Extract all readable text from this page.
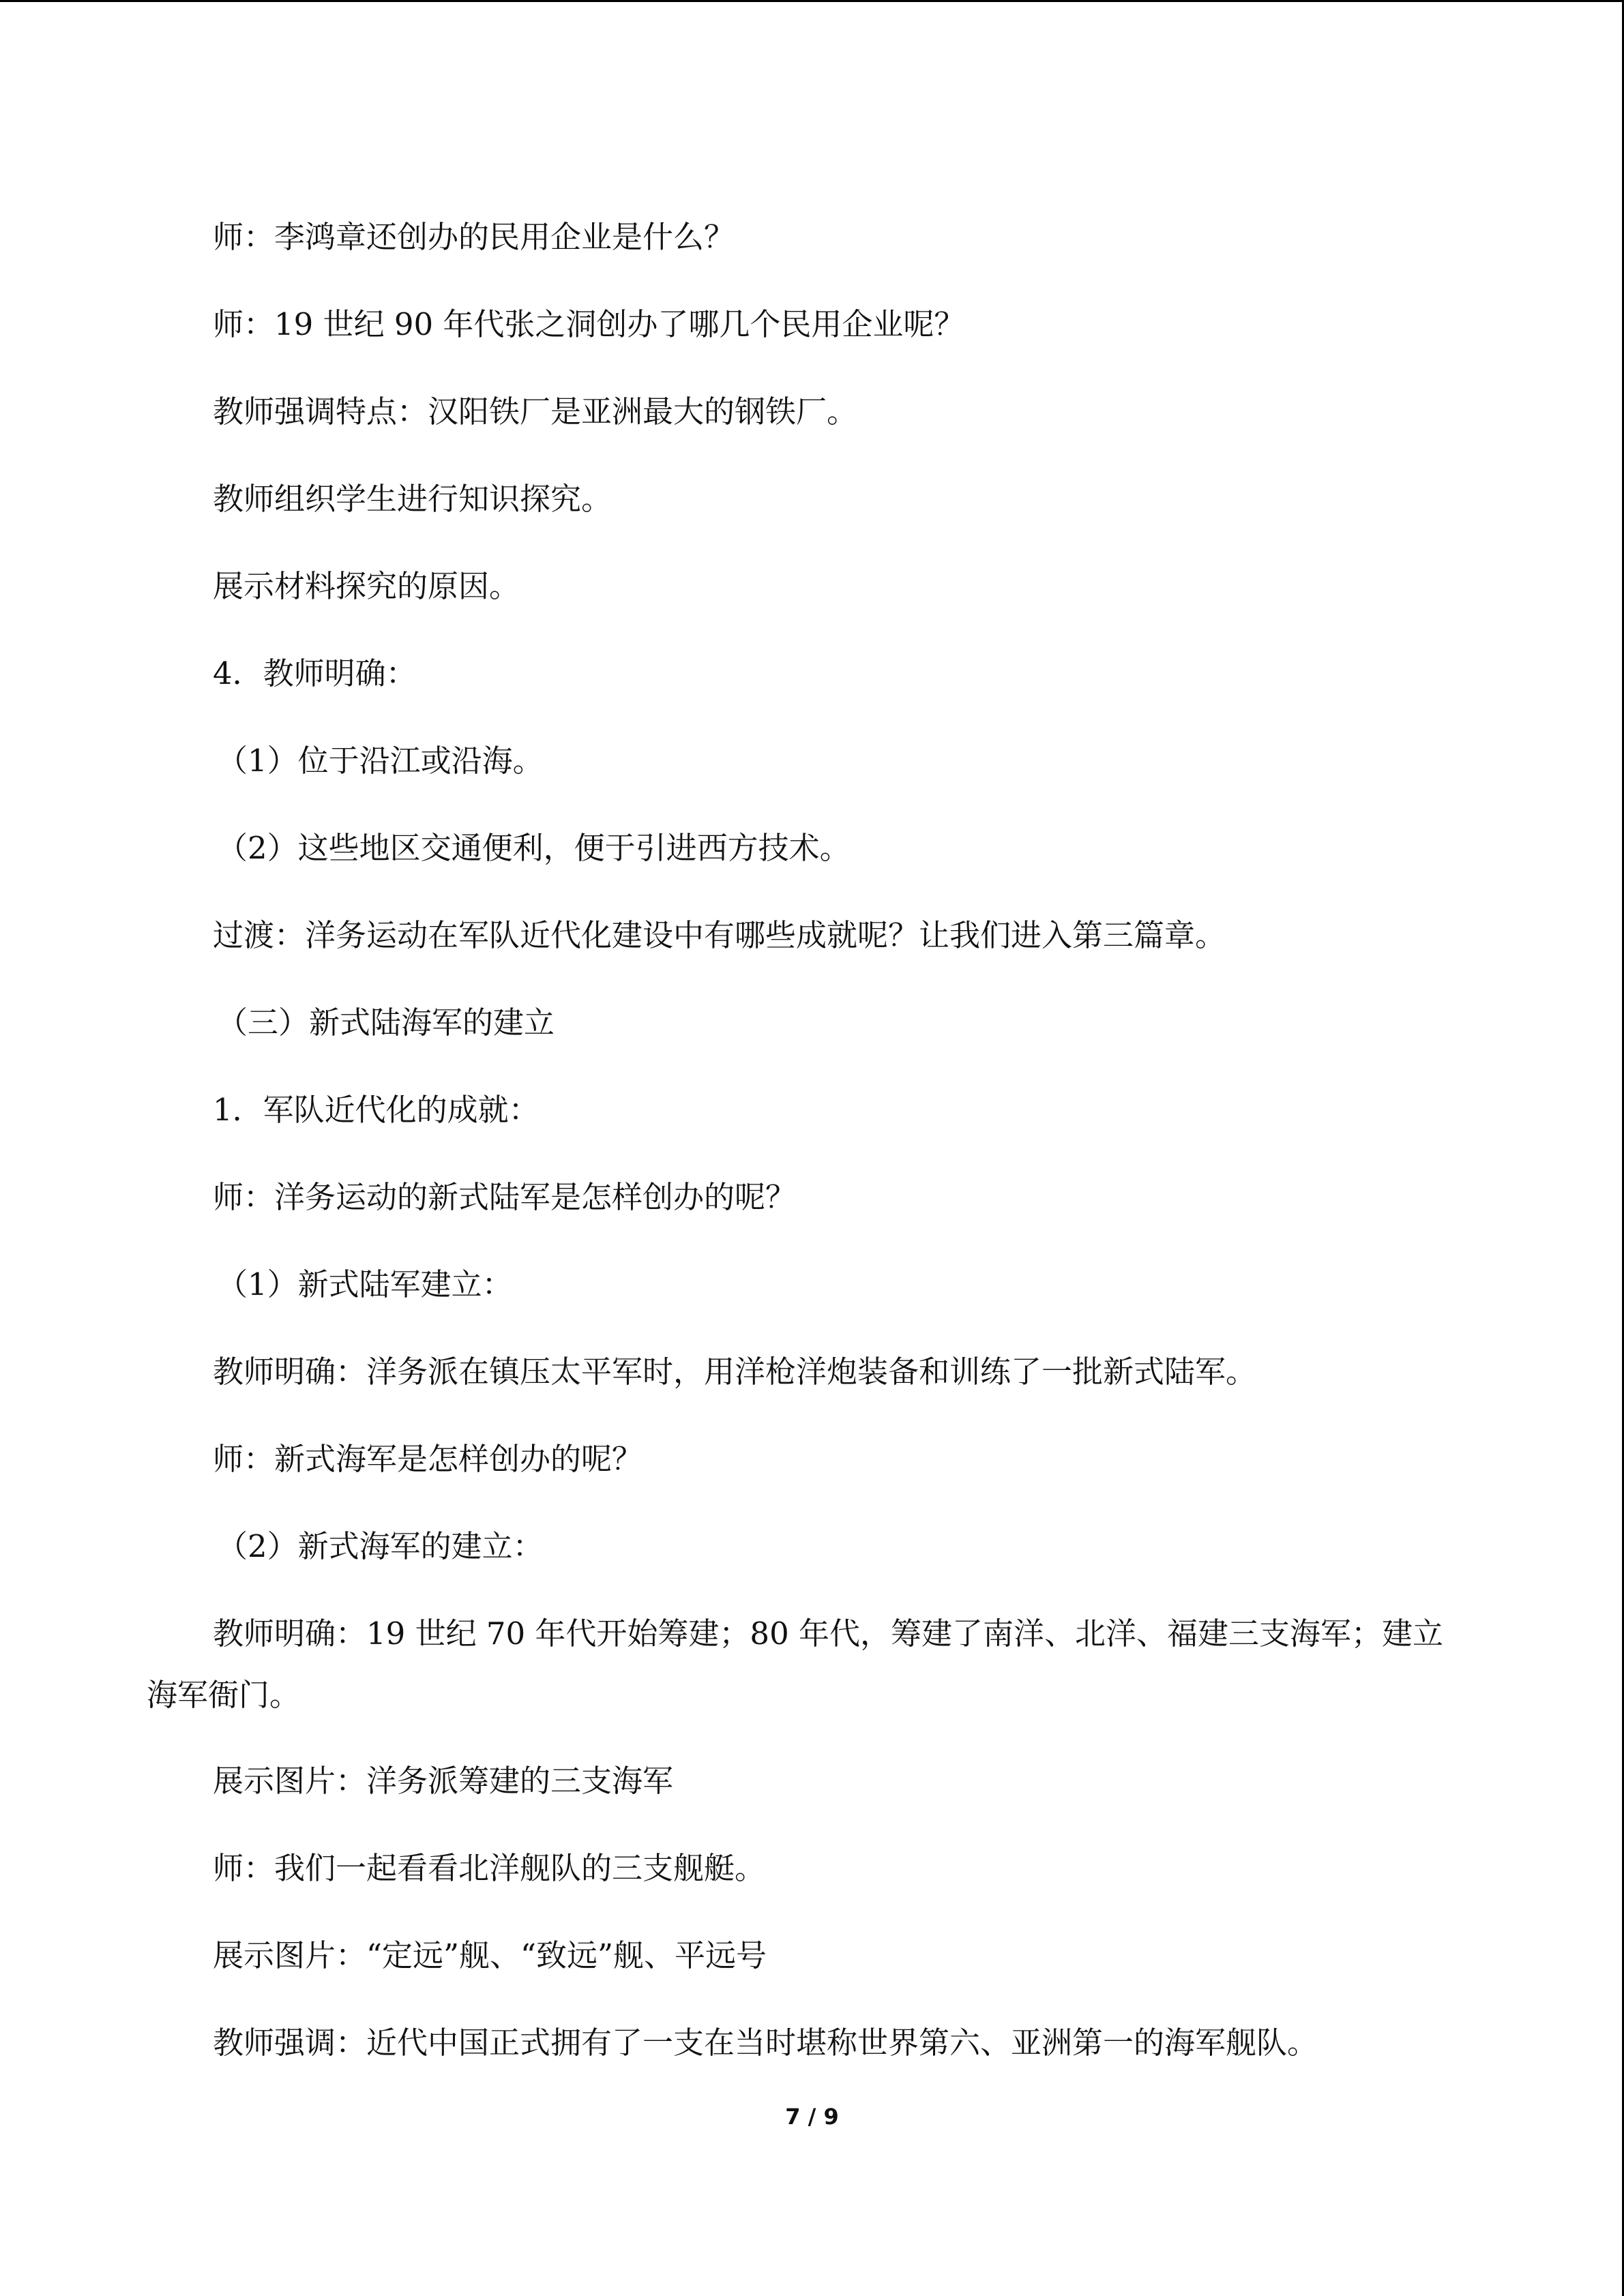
师：李鸿章还创办的民用企业是什么？

师：19 世纪 90 年代张之洞创办了哪几个民用企业呢？

教师强调特点：汉阳铁厂是亚洲最大的钢铁厂。

教师组织学生进行知识探究。

展示材料探究的原因。

4．教师明确：

（1）位于沿江或沿海。

（2）这些地区交通便利，便于引进西方技术。

过渡：洋务运动在军队近代化建设中有哪些成就呢？让我们进入第三篇章。

（三）新式陆海军的建立

1．军队近代化的成就：

师：洋务运动的新式陆军是怎样创办的呢？

（1）新式陆军建立：

教师明确：洋务派在镇压太平军时，用洋枪洋炮装备和训练了一批新式陆军。

师：新式海军是怎样创办的呢？

（2）新式海军的建立：

教师明确：19 世纪 70 年代开始筹建；80 年代，筹建了南洋、北洋、福建三支海军；建立海军衙门。

展示图片：洋务派筹建的三支海军

师：我们一起看看北洋舰队的三支舰艇。

展示图片：“定远”舰、“致远”舰、平远号

教师强调：近代中国正式拥有了一支在当时堪称世界第六、亚洲第一的海军舰队。

7 / 9
